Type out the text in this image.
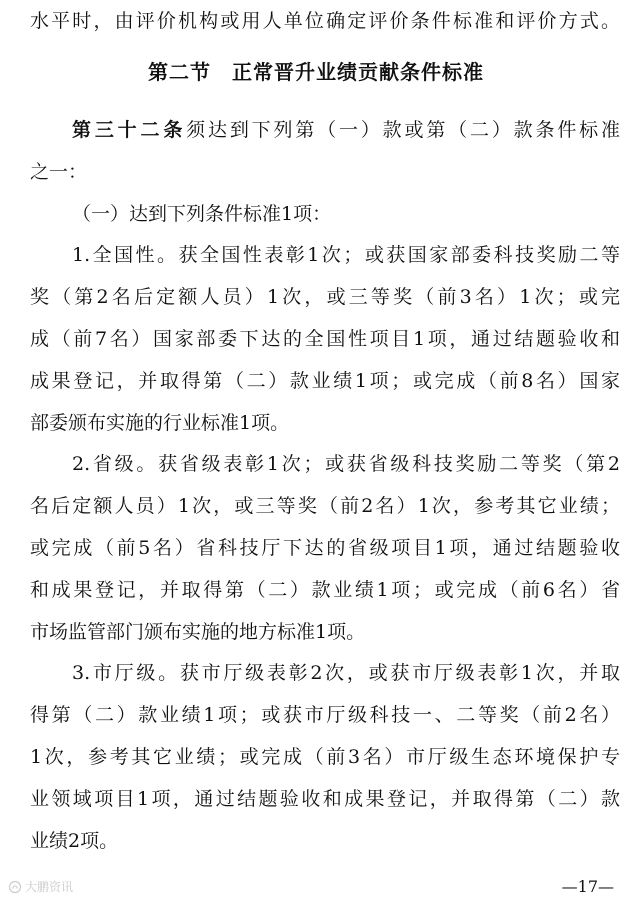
水平时，由评价机构或用人单位确定评价条件标准和评价方式。
第二节　正常晋升业绩贡献条件标准
第三十二条须达到下列第（一）款或第（二）款条件标准
之一：
（一）达到下列条件标准1项：
1.全国性。获全国性表彰1次；或获国家部委科技奖励二等
奖（第2名后定额人员）1次，或三等奖（前3名）1次；或完
成（前7名）国家部委下达的全国性项目1项，通过结题验收和
成果登记，并取得第（二）款业绩1项；或完成（前8名）国家
部委颁布实施的行业标准1项。
2.省级。获省级表彰1次；或获省级科技奖励二等奖（第2
名后定额人员）1次，或三等奖（前2名）1次，参考其它业绩；
或完成（前5名）省科技厅下达的省级项目1项，通过结题验收
和成果登记，并取得第（二）款业绩1项；或完成（前6名）省
市场监管部门颁布实施的地方标准1项。
3.市厅级。获市厅级表彰2次，或获市厅级表彰1次，并取
得第（二）款业绩1项；或获市厅级科技一、二等奖（前2名）
1次，参考其它业绩；或完成（前3名）市厅级生态环境保护专
业领域项目1项，通过结题验收和成果登记，并取得第（二）款
业绩2项。
大鹏资讯	—17—
